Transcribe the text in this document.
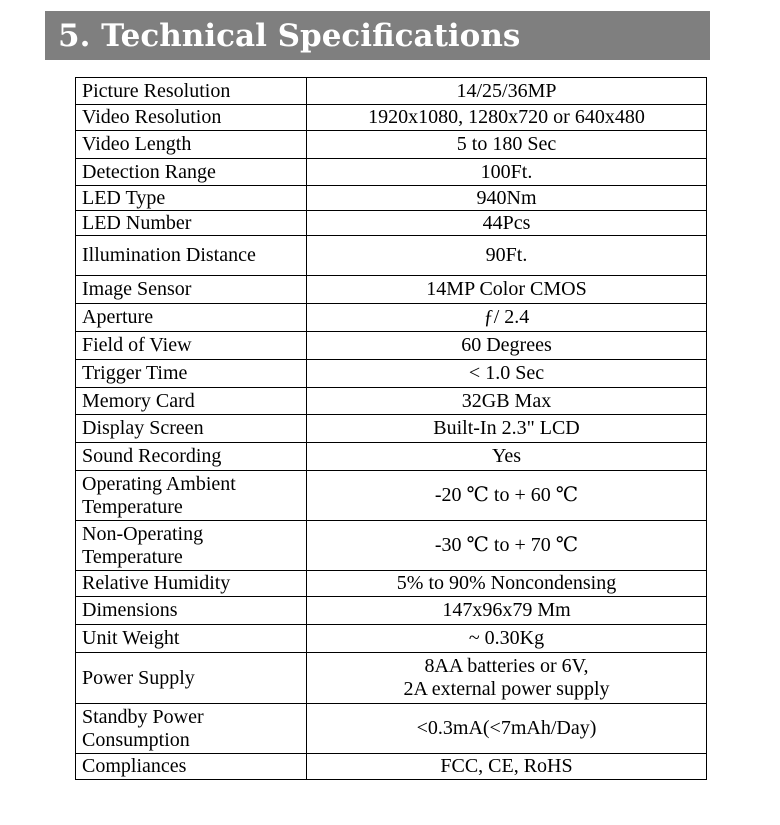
5. Technical Specifications
Picture Resolution	14/25/36MP
Video Resolution	1920x1080, 1280x720 or 640x480
Video Length	5 to 180 Sec
Detection Range	100Ft.
LED Type	940Nm
LED Number	44Pcs
Illumination Distance	90Ft.
Image Sensor	14MP Color CMOS
Aperture	ƒ/ 2.4
Field of View	60 Degrees
Trigger Time	< 1.0 Sec
Memory Card	32GB Max
Display Screen	Built-In 2.3" LCD
Sound Recording	Yes
Operating Ambient Temperature	-20 ℃ to + 60 ℃
Non-Operating Temperature	-30 ℃ to + 70 ℃
Relative Humidity	5% to 90% Noncondensing
Dimensions	147x96x79 Mm
Unit Weight	~ 0.30Kg
Power Supply	8AA batteries or 6V,
2A external power supply

Standby Power Consumption	<0.3mA(<7mAh/Day)
Compliances	FCC, CE, RoHS
